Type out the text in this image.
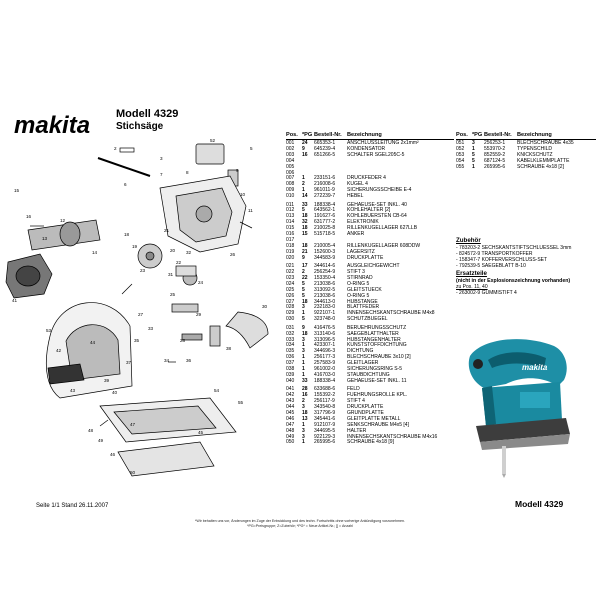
makita Modell 4329
Stichsäge
2
3
52
5
6
7	8	9
10
11
15
16
13
12
14
18
19
20
21
22
23
24
25
26
27
28
29
30
33
35
34	36
37
38
39
40
41
42
45
47
48
49
46
50
54
55
53
44
43
32
31
Pos. *PG Bestell-Nr. Bezeichnung
001	24	665353-1	ANSCHLUSSLEITUNG 2x1mm²
002	9	645239-4	KONDENSATOR
003	16	651266-5	SCHALTER SGEL205C-5
004
005
006
007	1	233151-6	DRUCKFEDER 4
008	2	216008-6	KUGEL 4
009	1	961011-9	SICHERUNGSSCHEIBE E-4
010	14	272239-7	HEBEL
011	33	188338-4	GEHAEUSE-SET INKL. 40
012	5	643562-1	KOHLEHALTER [2]
013	18	191627-6	KOHLEBUERSTEN CB-64
014	32	631777-2	ELEKTRONIK
015	18	210025-8	RILLENKUGELLAGER 627LLB
016	15	515718-5	ANKER
017
018	18	210005-4	RILLENKUGELLAGER 608DDW
019	21	152600-3	LAGERSITZ
020	9	344583-9	DRUCKPLATTE
021	17	344614-6	AUSGLEICHGEWICHT
022	2	256254-9	STIFT 3
023	22	153350-4	STIRNRAD
024	5	213038-6	O-RING 5
025	5	313092-5	GLEITSTUECK
026	5	213038-6	O-RING 5
027	18	344613-0	HUBSTANGE
028	3	232183-0	BLATTFEDER
029	1	922107-1	INNENSECHSKANTSCHRAUBE M4x8
030	5	323748-0	SCHUTZBUEGEL
031	9	416476-5	BERUEHRUNGSSCHUTZ
032	18	313140-6	SAEGEBLATTHALTER
033	3	313096-5	HUBSTANGENHALTER
034	1	423307-1	KUNSTSTOFFDICHTUNG
035	3	344696-3	DICHTUNG
036	1	256177-3	BLECHSCHRAUBE 3x10 [2]
037	1	257583-9	GLEITLAGER
038	1	961002-0	SICHERUNGSRING S-5
039	1	416703-0	STAUBDICHTUNG
040	33	188338-4	GEHAEUSE-SET INKL. 11
041	28	633688-6	FELD
042	16	155392-2	FUEHRUNGSROLLE KPL.
043	2	256117-9	STIFT 4
044	3	343540-8	DRUCKPLATTE
045	18	317796-9	GRUNDPLATTE
046	13	345441-6	GLEITPLATTE METALL
047	1	912107-9	SENKSCHRAUBE M4x5 [4]
048	3	344695-5	HALTER
049	3	922129-3	INNENSECHSKANTSCHRAUBE M4x16
050	1	265995-6	SCHRAUBE 4x18 [9]
Pos. *PG Bestell-Nr. Bezeichnung
051	3	256253-1	BLECHSCHRAUBE 4x35
052	1	553970-2	TYPENSCHILD
053	5	852559-2	KNICKSCHUTZ
054	5	687124-5	KABELKLEMMPLATTE
055	1	265995-6	SCHRAUBE 4x18 [2]
Zubehör
- 783203-2 SECHSKANTSTIFTSCHLUESSEL 3mm
- 824572-9 TRANSPORTKOFFER
- 158347-7 KOFFERVERSCHLUSS-SET
- 792539-5 SAEGEBLATT B-10
Ersatzteile
(nicht in der Explosionszeichnung vorhanden)
zu Pos. 11, 40
- 263002-9 GUMMISTIFT 4
makita
Modell 4329
Seite 1/1 Stand 26.11.2007
*Wir behalten uns vor, Änderungen im Zuge der Entwicklung und des techn. Fortschritts ohne vorherige Ankündigung vorzunehmen.
*PG=Preisgruppe; Z=Zubehör; *PG* = Neue Artikel-Nr.; [] = Anzahl
